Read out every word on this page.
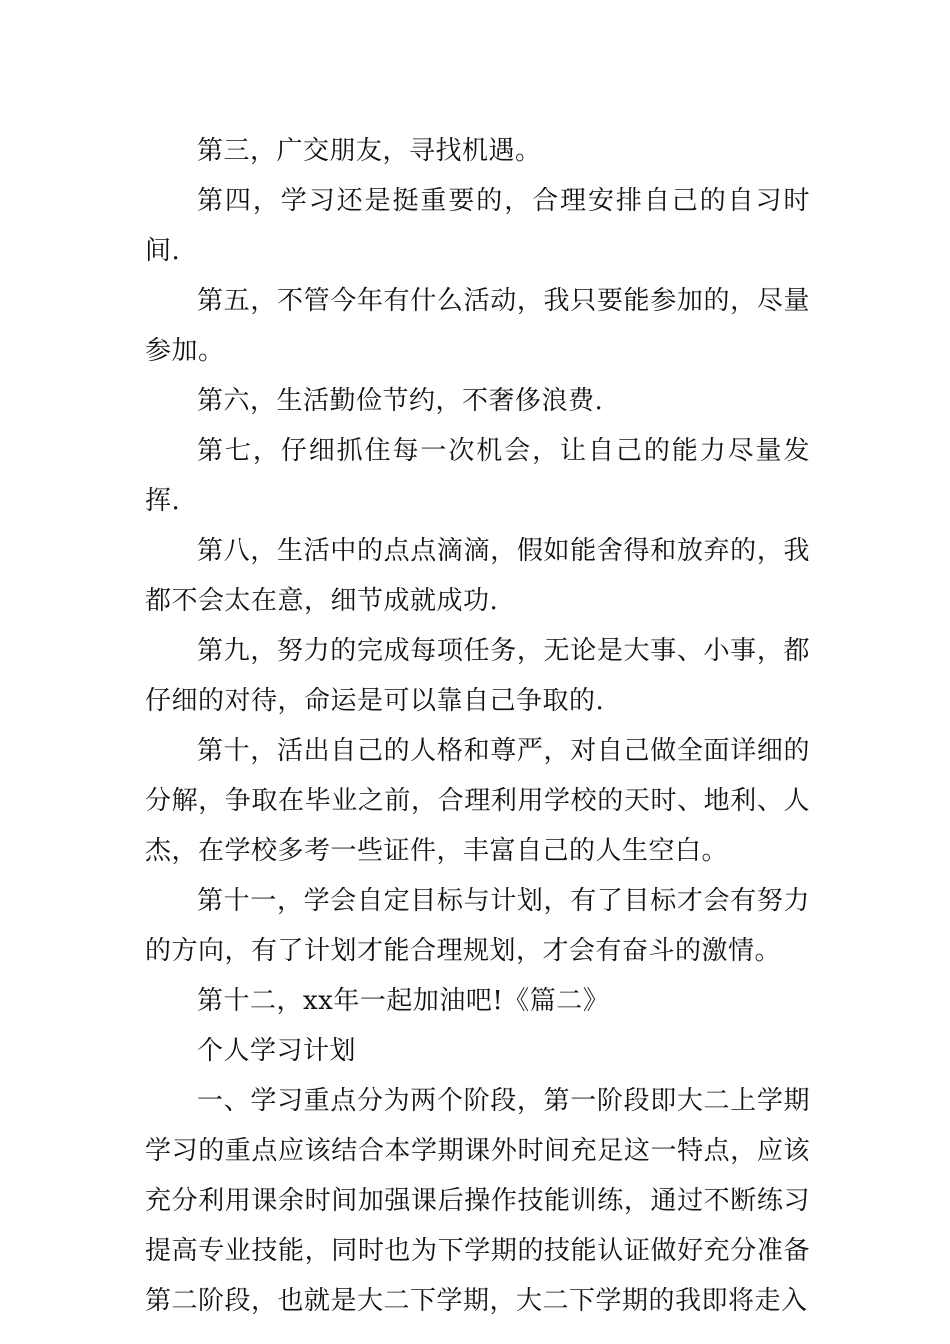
第三，广交朋友，寻找机遇。

第四，学习还是挺重要的，合理安排自己的自习时间.

第五，不管今年有什么活动，我只要能参加的，尽量参加。

第六，生活勤俭节约，不奢侈浪费.

第七，仔细抓住每一次机会，让自己的能力尽量发挥.

第八，生活中的点点滴滴，假如能舍得和放弃的，我都不会太在意，细节成就成功.

第九，努力的完成每项任务，无论是大事、小事，都仔细的对待，命运是可以靠自己争取的.

第十，活出自己的人格和尊严，对自己做全面详细的分解，争取在毕业之前，合理利用学校的天时、地利、人杰，在学校多考一些证件，丰富自己的人生空白。

第十一，学会自定目标与计划，有了目标才会有努力的方向，有了计划才能合理规划，才会有奋斗的激情。

第十二，xx年一起加油吧!《篇二》

个人学习计划

一、学习重点分为两个阶段，第一阶段即大二上学期学习的重点应该结合本学期课外时间充足这一特点，应该充分利用课余时间加强课后操作技能训练，通过不断练习提高专业技能，同时也为下学期的技能认证做好充分准备第二阶段，也就是大二下学期，大二下学期的我即将走入
